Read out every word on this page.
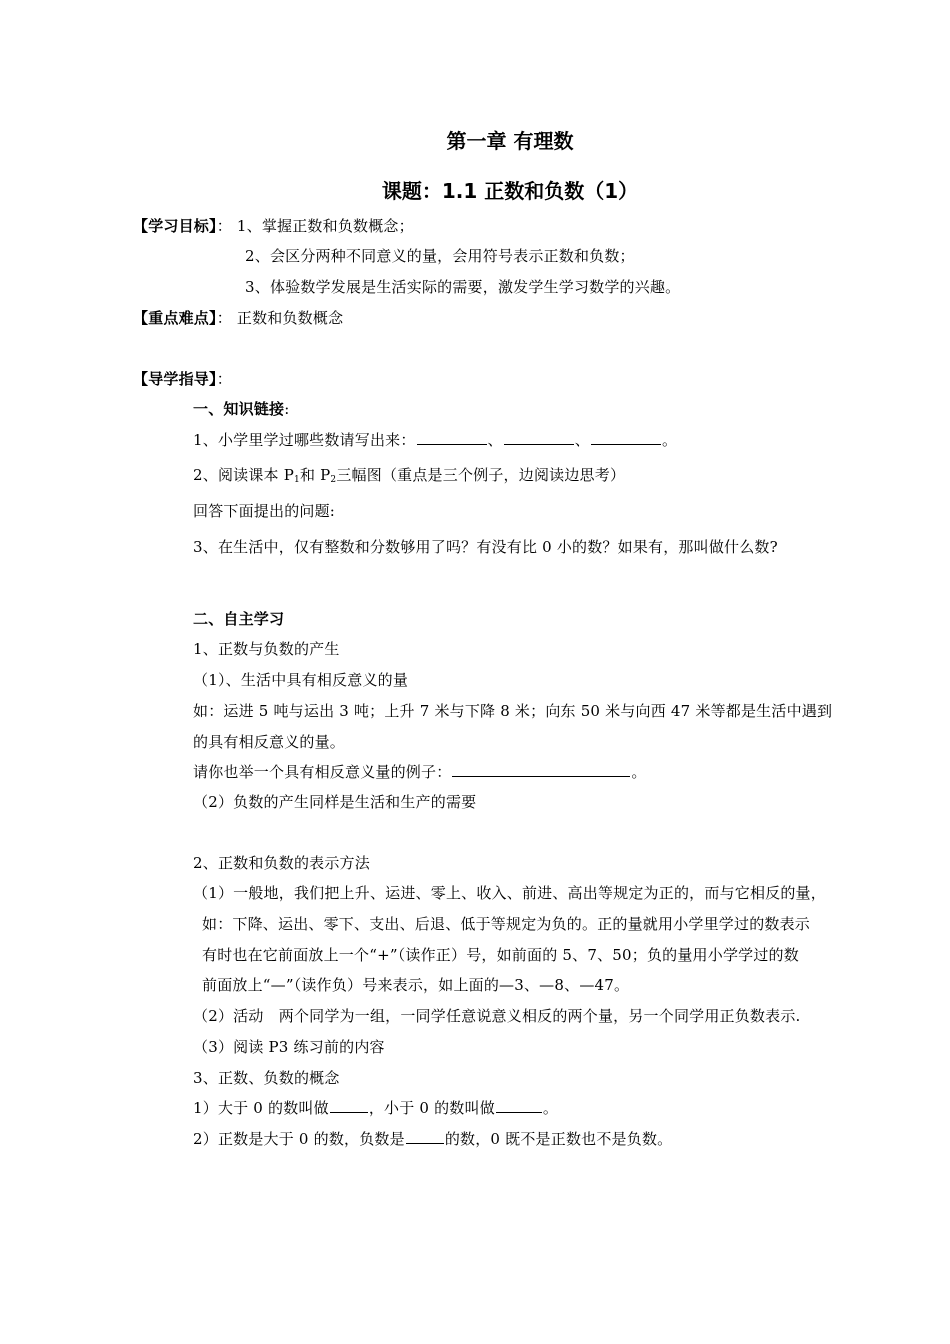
第一章 有理数
课题：1.1 正数和负数（1）
【学习目标】： 1、掌握正数和负数概念；
2、会区分两种不同意义的量，会用符号表示正数和负数；
3、体验数学发展是生活实际的需要，激发学生学习数学的兴趣。
【重点难点】： 正数和负数概念
【导学指导】：
一、知识链接:
1、小学里学过哪些数请写出来：	、	、	。
2、阅读课本 $P_1$和 $P_2$三幅图（重点是三个例子，边阅读边思考）
回答下面提出的问题:
3、在生活中，仅有整数和分数够用了吗？有没有比 0 小的数？如果有，那叫做什么数?
二、自主学习
1、正数与负数的产生
（1）、生活中具有相反意义的量
如：运进 5 吨与运出 3 吨；上升 7 米与下降 8 米；向东 50 米与向西 47 米等都是生活中遇到
的具有相反意义的量。
请你也举一个具有相反意义量的例子：	。
（2）负数的产生同样是生活和生产的需要
2、正数和负数的表示方法
（1）一般地，我们把上升、运进、零上、收入、前进、高出等规定为正的，而与它相反的量，
如：下降、运出、零下、支出、后退、低于等规定为负的。正的量就用小学里学过的数表示
有时也在它前面放上一个“+”（读作正）号，如前面的 5、7、50；负的量用小学学过的数
前面放上“—”（读作负）号来表示，如上面的—3、—8、—47。
（2）活动　两个同学为一组，一同学任意说意义相反的两个量，另一个同学用正负数表示.
（3）阅读 P3 练习前的内容
3、正数、负数的概念
1）大于 0 的数叫做	，小于 0 的数叫做	。
2）正数是大于 0 的数，负数是	的数，0 既不是正数也不是负数。
